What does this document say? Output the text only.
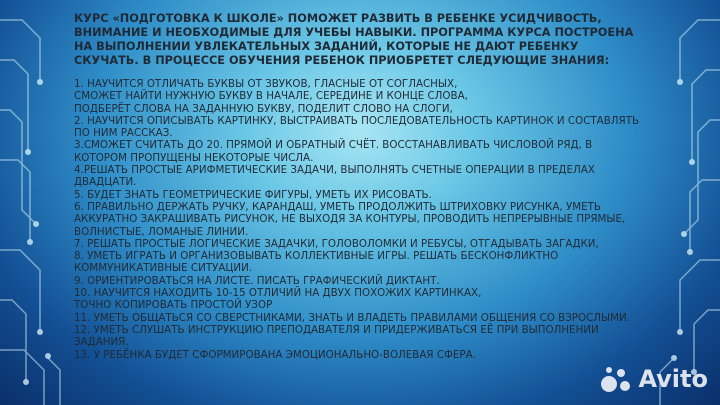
КУРС «ПОДГОТОВКА К ШКОЛЕ» ПОМОЖЕТ РАЗВИТЬ В РЕБЕНКЕ УСИДЧИВОСТЬ, ВНИМАНИЕ И НЕОБХОДИМЫЕ ДЛЯ УЧЕБЫ НАВЫКИ. ПРОГРАММА КУРСА ПОСТРОЕНА НА ВЫПОЛНЕНИИ УВЛЕКАТЕЛЬНЫХ ЗАДАНИЙ, КОТОРЫЕ НЕ ДАЮТ РЕБЕНКУ СКУЧАТЬ. В ПРОЦЕССЕ ОБУЧЕНИЯ РЕБЕНОК ПРИОБРЕТЕТ СЛЕДУЮЩИЕ ЗНАНИЯ:

1. НАУЧИТСЯ ОТЛИЧАТЬ БУКВЫ ОТ ЗВУКОВ, ГЛАСНЫЕ ОТ СОГЛАСНЫХ,
СМОЖЕТ НАЙТИ НУЖНУЮ БУКВУ В НАЧАЛЕ, СЕРЕДИНЕ И КОНЦЕ СЛОВА,
ПОДБЕРЁТ СЛОВА НА ЗАДАННУЮ БУКВУ, ПОДЕЛИТ СЛОВО НА СЛОГИ,
2. НАУЧИТСЯ ОПИСЫВАТЬ КАРТИНКУ, ВЫСТРАИВАТЬ ПОСЛЕДОВАТЕЛЬНОСТЬ КАРТИНОК И СОСТАВЛЯТЬ ПО НИМ РАССКАЗ.
3.СМОЖЕТ СЧИТАТЬ ДО 20. ПРЯМОЙ И ОБРАТНЫЙ СЧЁТ. ВОССТАНАВЛИВАТЬ ЧИСЛОВОЙ РЯД, В КОТОРОМ ПРОПУЩЕНЫ НЕКОТОРЫЕ ЧИСЛА.
4.РЕШАТЬ ПРОСТЫЕ АРИФМЕТИЧЕСКИЕ ЗАДАЧИ, ВЫПОЛНЯТЬ СЧЕТНЫЕ ОПЕРАЦИИ В ПРЕДЕЛАХ ДВАДЦАТИ.
5. БУДЕТ ЗНАТЬ ГЕОМЕТРИЧЕСКИЕ ФИГУРЫ, УМЕТЬ ИХ РИСОВАТЬ.
6. ПРАВИЛЬНО ДЕРЖАТЬ РУЧКУ, КАРАНДАШ, УМЕТЬ ПРОДОЛЖИТЬ ШТРИХОВКУ РИСУНКА, УМЕТЬ АККУРАТНО ЗАКРАШИВАТЬ РИСУНОК, НЕ ВЫХОДЯ ЗА КОНТУРЫ, ПРОВОДИТЬ НЕПРЕРЫВНЫЕ ПРЯМЫЕ, ВОЛНИСТЫЕ, ЛОМАНЫЕ ЛИНИИ.
7. РЕШАТЬ ПРОСТЫЕ ЛОГИЧЕСКИЕ ЗАДАЧКИ, ГОЛОВОЛОМКИ И РЕБУСЫ, ОТГАДЫВАТЬ ЗАГАДКИ,
8. УМЕТЬ ИГРАТЬ И ОРГАНИЗОВЫВАТЬ КОЛЛЕКТИВНЫЕ ИГРЫ. РЕШАТЬ БЕСКОНФЛИКТНО КОММУНИКАТИВНЫЕ СИТУАЦИИ.
9. ОРИЕНТИРОВАТЬСЯ НА ЛИСТЕ. ПИСАТЬ ГРАФИЧЕСКИЙ ДИКТАНТ.
10. НАУЧИТСЯ НАХОДИТЬ 10-15 ОТЛИЧИЙ НА ДВУХ ПОХОЖИХ КАРТИНКАХ,
ТОЧНО КОПИРОВАТЬ ПРОСТОЙ УЗОР
11. УМЕТЬ ОБЩАТЬСЯ СО СВЕРСТНИКАМИ, ЗНАТЬ И ВЛАДЕТЬ ПРАВИЛАМИ ОБЩЕНИЯ СО ВЗРОСЛЫМИ.
12. УМЕТЬ СЛУШАТЬ ИНСТРУКЦИЮ ПРЕПОДАВАТЕЛЯ И ПРИДЕРЖИВАТЬСЯ ЕЁ ПРИ ВЫПОЛНЕНИИ ЗАДАНИЯ.
13. У РЕБЁНКА БУДЕТ СФОРМИРОВАНА ЭМОЦИОНАЛЬНО-ВОЛЕВАЯ СФЕРА.
Avito
